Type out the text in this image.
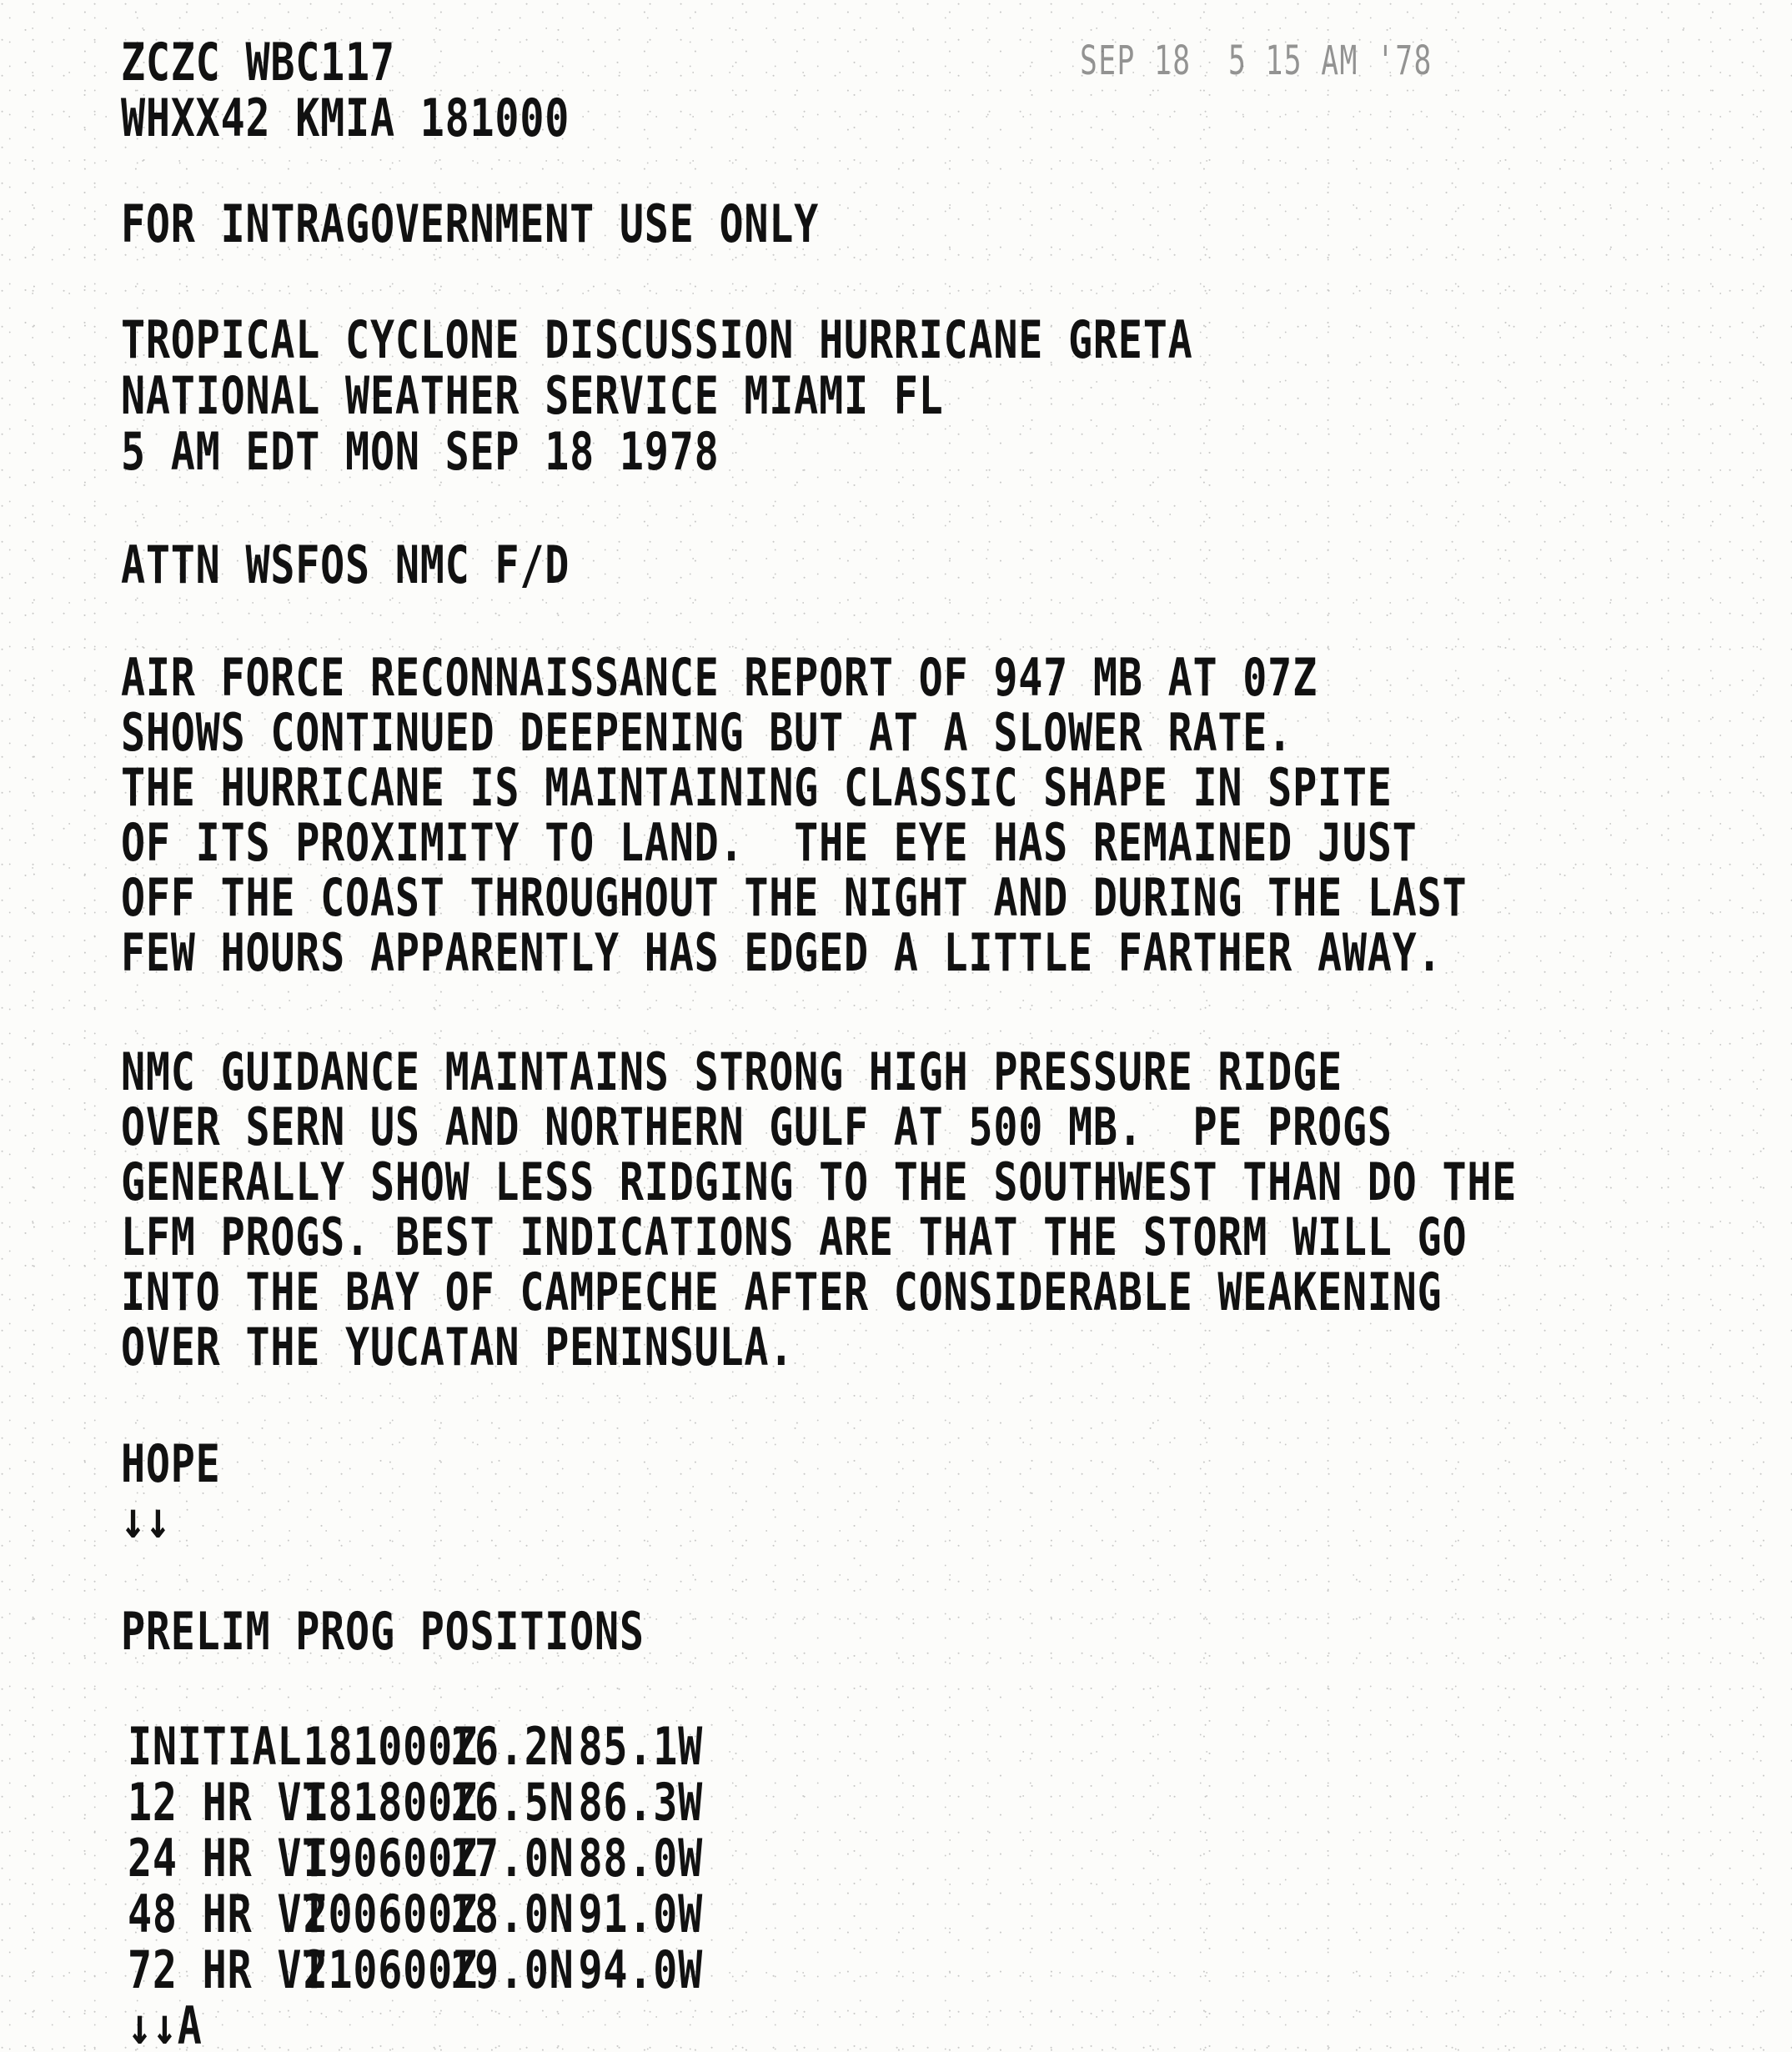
SEP 18  5 15 AM '78
ZCZC WBC117
WHXX42 KMIA 181000
FOR INTRAGOVERNMENT USE ONLY
TROPICAL CYCLONE DISCUSSION HURRICANE GRETA
NATIONAL WEATHER SERVICE MIAMI FL
5 AM EDT MON SEP 18 1978
ATTN WSFOS NMC F/D
AIR FORCE RECONNAISSANCE REPORT OF 947 MB AT 07Z
SHOWS CONTINUED DEEPENING BUT AT A SLOWER RATE.
THE HURRICANE IS MAINTAINING CLASSIC SHAPE IN SPITE
OF ITS PROXIMITY TO LAND.  THE EYE HAS REMAINED JUST
OFF THE COAST THROUGHOUT THE NIGHT AND DURING THE LAST
FEW HOURS APPARENTLY HAS EDGED A LITTLE FARTHER AWAY.
NMC GUIDANCE MAINTAINS STRONG HIGH PRESSURE RIDGE
OVER SERN US AND NORTHERN GULF AT 500 MB.  PE PROGS
GENERALLY SHOW LESS RIDGING TO THE SOUTHWEST THAN DO THE
LFM PROGS. BEST INDICATIONS ARE THAT THE STORM WILL GO
INTO THE BAY OF CAMPECHE AFTER CONSIDERABLE WEAKENING
OVER THE YUCATAN PENINSULA.
HOPE
↓↓
PRELIM PROG POSITIONS

INITIAL

181000Z

16.2N

85.1W

12 HR VT

181800Z

16.5N

86.3W

24 HR VT

190600Z

17.0N

88.0W

48 HR VT

200600Z

18.0N

91.0W

72 HR VT

210600Z

19.0N

94.0W

↓↓A
